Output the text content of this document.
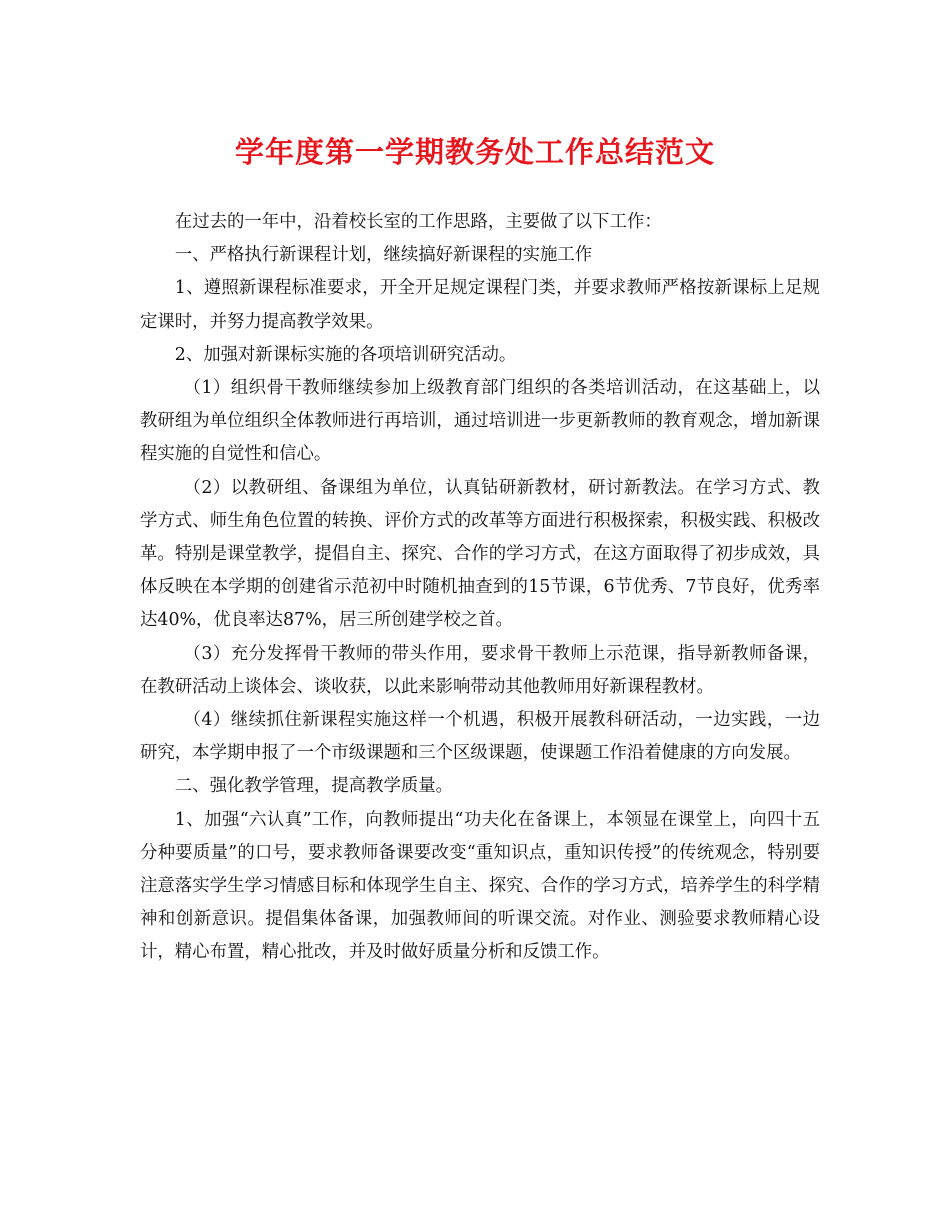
学年度第一学期教务处工作总结范文

在过去的一年中，沿着校长室的工作思路，主要做了以下工作：

一、严格执行新课程计划，继续搞好新课程的实施工作

1、遵照新课程标准要求，开全开足规定课程门类，并要求教师严格按新课标上足规定课时，并努力提高教学效果。

2、加强对新课标实施的各项培训研究活动。

（1）组织骨干教师继续参加上级教育部门组织的各类培训活动，在这基础上，以教研组为单位组织全体教师进行再培训，通过培训进一步更新教师的教育观念，增加新课程实施的自觉性和信心。

（2）以教研组、备课组为单位，认真钻研新教材，研讨新教法。在学习方式、教学方式、师生角色位置的转换、评价方式的改革等方面进行积极探索，积极实践、积极改革。特别是课堂教学，提倡自主、探究、合作的学习方式，在这方面取得了初步成效，具体反映在本学期的创建省示范初中时随机抽查到的15节课，6节优秀、7节良好，优秀率达40%，优良率达87%，居三所创建学校之首。

（3）充分发挥骨干教师的带头作用，要求骨干教师上示范课，指导新教师备课，在教研活动上谈体会、谈收获，以此来影响带动其他教师用好新课程教材。

（4）继续抓住新课程实施这样一个机遇，积极开展教科研活动，一边实践，一边研究，本学期申报了一个市级课题和三个区级课题，使课题工作沿着健康的方向发展。

二、强化教学管理，提高教学质量。

1、加强“六认真”工作，向教师提出“功夫化在备课上，本领显在课堂上，向四十五分种要质量”的口号，要求教师备课要改变“重知识点，重知识传授”的传统观念，特别要注意落实学生学习情感目标和体现学生自主、探究、合作的学习方式，培养学生的科学精神和创新意识。提倡集体备课，加强教师间的听课交流。对作业、测验要求教师精心设计，精心布置，精心批改，并及时做好质量分析和反馈工作。
